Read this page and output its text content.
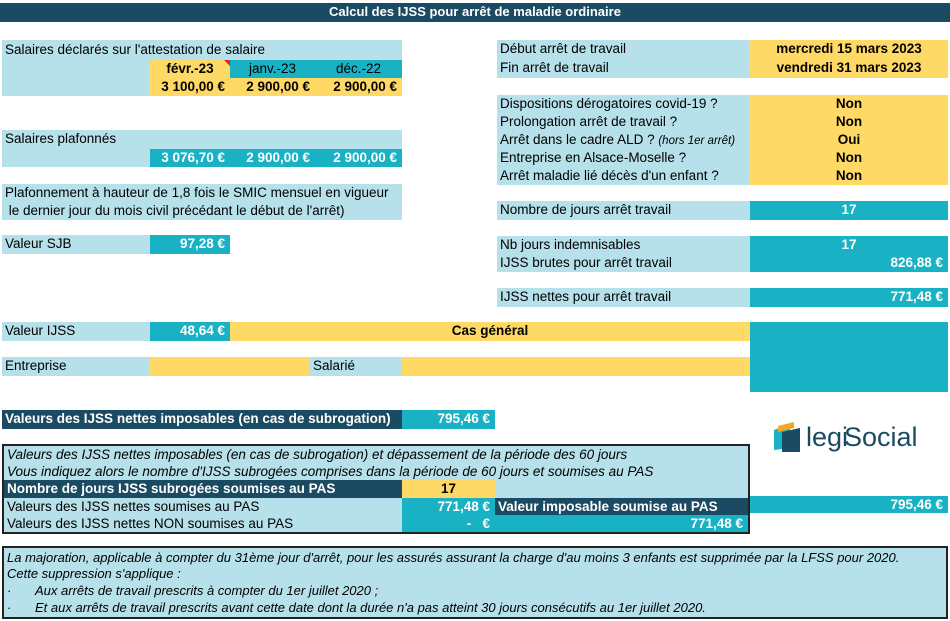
Calcul des IJSS pour arrêt de maladie ordinaire
Salaires déclarés sur l'attestation de salaire
févr.-23	janv.-23	déc.-22
3 100,00 €	2 900,00 €	2 900,00 €
Salaires plafonnés
3 076,70 €	2 900,00 €	2 900,00 €
Plafonnement à hauteur de 1,8 fois le SMIC mensuel en vigueur
le dernier jour du mois civil précédant le début de l'arrêt)
Valeur SJB	97,28 €
Valeur IJSS	48,64 €	Cas général
Entreprise	Salarié
Début arrêt de travail	mercredi 15 mars 2023
Fin arrêt de travail	vendredi 31 mars 2023
Dispositions dérogatoires covid-19 ?	Non
Prolongation arrêt de travail ?	Non
Arrêt dans le cadre ALD ? (hors 1er arrêt)	Oui
Entreprise en Alsace-Moselle ?	Non
Arrêt maladie lié décès d'un enfant ?	Non
Nombre de jours arrêt travail	17
Nb jours indemnisables	17
IJSS brutes pour arrêt travail	826,88 €
IJSS nettes pour arrêt travail	771,48 €
Valeurs des IJSS nettes imposables (en cas de subrogation)	795,46 €
legi
Social
Valeurs des IJSS nettes imposables (en cas de subrogation) et dépassement de la période des 60 jours
Vous indiquez alors le nombre d'IJSS subrogées comprises dans la période de 60 jours et soumises au PAS
Nombre de jours IJSS subrogées soumises au PAS	17
Valeurs des IJSS nettes soumises au PAS	771,48 € Valeur imposable soumise au PAS
Valeurs des IJSS nettes NON soumises au PAS	-   €	771,48 €
795,46 €
La majoration, applicable à compter du 31ème jour d'arrêt, pour les assurés assurant la charge d'au moins 3 enfants est supprimée par la LFSS pour 2020.
Cette suppression s'applique :
· Aux arrêts de travail prescrits à compter du 1er juillet 2020 ;
· Et aux arrêts de travail prescrits avant cette date dont la durée n'a pas atteint 30 jours consécutifs au 1er juillet 2020.
